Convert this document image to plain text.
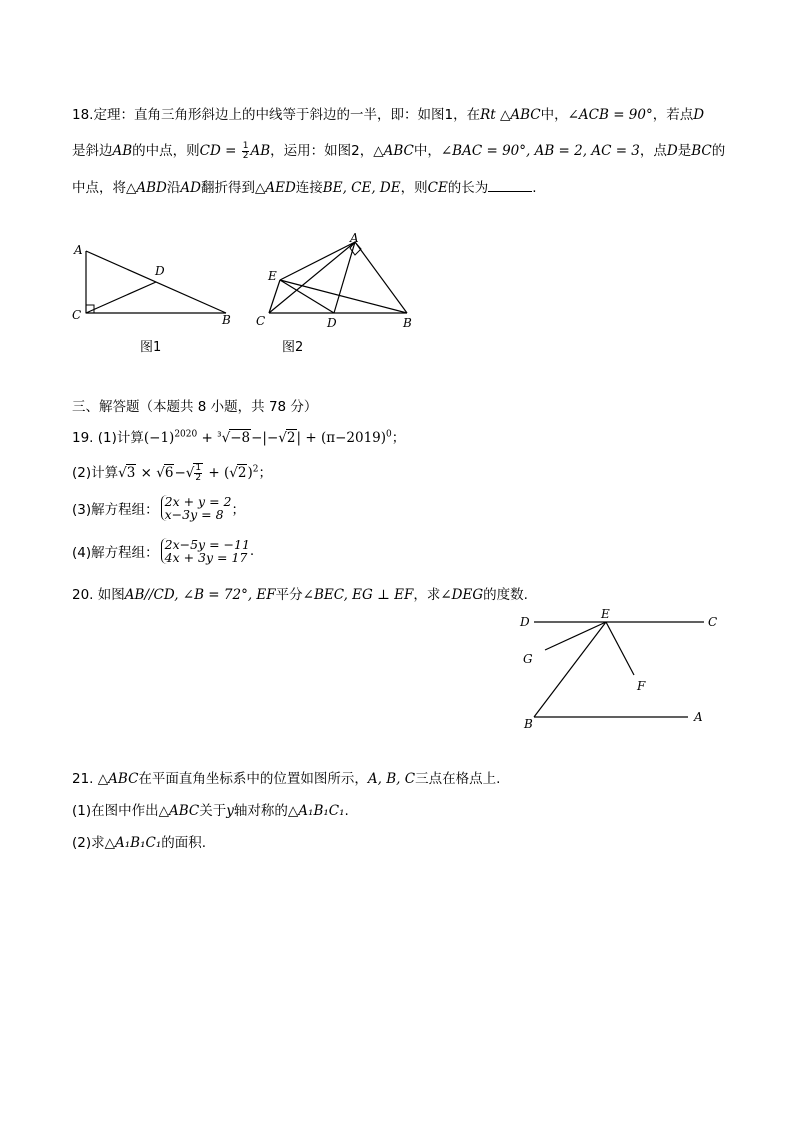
18.定理：直角三角形斜边上的中线等于斜边的一半，即：如图1，在Rt △ABC中，∠ACB = 90°，若点D
是斜边AB的中点，则CD = $\frac{1}{2}$ AB，运用：如图2，△ABC中，∠BAC = 90°, AB = 2, AC = 3，点D是BC的
中点，将△ABD沿AD翻折得到△AED连接BE, CE, DE，则CE的长为	.
A
C	B
D
图1
A
E
C	D	B
图2
三、解答题（本题共 8 小题，共 78 分）
19. (1)计算$(-1)^{2020} + ^3√-8-|-√2| + (\pi-2019)^0$；
(2)计算$√3 \times √6-√ \frac{1}{2} + (√2)^2$；
(3)解方程组：
2x + y = 2
x−3y = 8 ；
(4)解方程组：
2x−5y = −11
4x + 3y = 17 .
20. 如图AB//CD, ∠B = 72°, EF平分∠BEC, EG ⊥ EF，求∠DEG的度数.
D
E
C
G
F
B	A
21. △ABC在平面直角坐标系中的位置如图所示，A, B, C三点在格点上.
(1)在图中作出△ABC关于y轴对称的△A₁B₁C₁.
(2)求△A₁B₁C₁的面积.
